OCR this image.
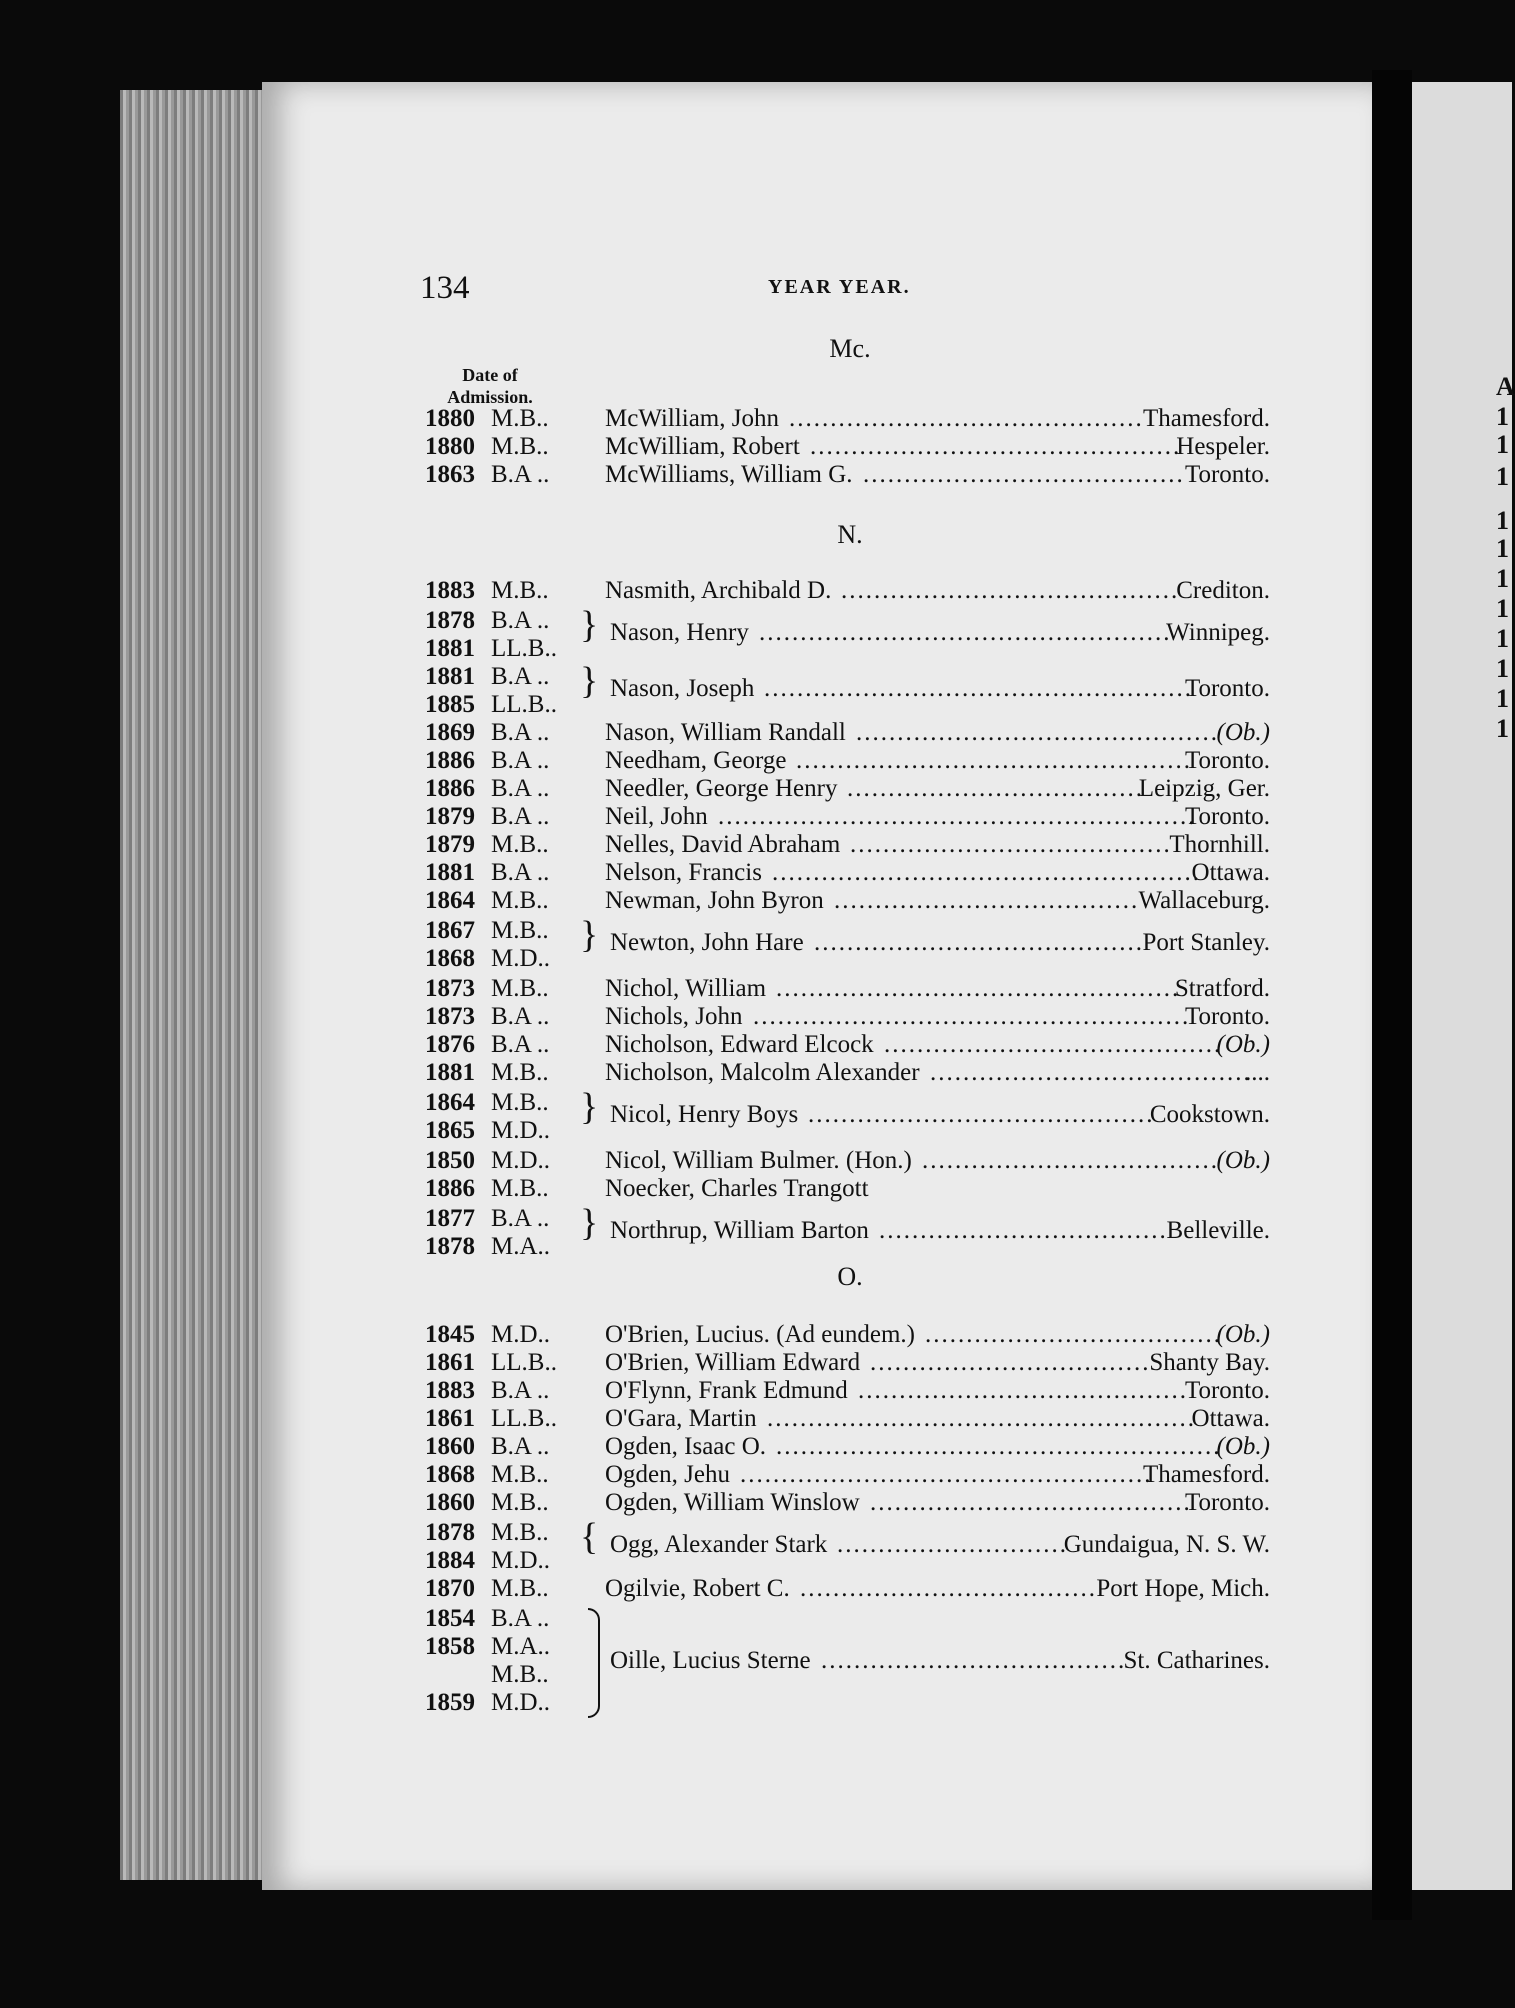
A
1
1
1
1
1
1
1
1
1
1
1
134	YEAR YEAR.
Date of
Admission.
Mc.
N.
O.
1880 M.B.. McWilliam, John	Thamesford.
...........................................
1880 M.B.. McWilliam, Robert	Hespeler.
.............................................
1863 B.A .. McWilliams, William G.	Toronto.
.......................................
1883 M.B.. Nasmith, Archibald D.	Crediton.
.........................................
1878 B.A ..
1881 LL.B..
} Nason, Henry	Winnipeg.
..................................................
1881 B.A ..
1885 LL.B..
} Nason, Joseph	Toronto.
....................................................
1869 B.A .. Nason, William Randall	(Ob.)
............................................
1886 B.A .. Needham, George	Toronto.
................................................
1886 B.A .. Needler, George Henry	Leipzig, Ger.
....................................
1879 B.A .. Neil, John	Toronto.
..........................................................
1879 M.B.. Nelles, David Abraham	Thornhill.
.......................................
1881 B.A .. Nelson, Francis	Ottawa.
....................................................
1864 M.B.. Newman, John Byron	Wallaceburg.
.....................................
1867 M.B..
1868 M.D..
} Newton, John Hare	Port Stanley.
........................................
1873 M.B.. Nichol, William	Stratford.
.................................................
1873 B.A .. Nichols, John	Toronto.
.....................................................
1876 B.A .. Nicholson, Edward Elcock	(Ob.)
.........................................
1881 M.B.. Nicholson, Malcolm Alexander	....
.......................................
1864 M.B..
1865 M.D..
} Nicol, Henry Boys	Cookstown.
..........................................
1850 M.D.. Nicol, William Bulmer. (Hon.)	(Ob.)
....................................
1886 M.B.. Noecker, Charles Trangott
1877 B.A ..
1878 M.A..
} Northrup, William Barton	Belleville.
...................................
1845 M.D.. O'Brien, Lucius. (Ad eundem.)	(Ob.)
....................................
1861 LL.B.. O'Brien, William Edward	Shanty Bay.
..................................
1883 B.A .. O'Flynn, Frank Edmund	Toronto.
........................................
1861 LL.B.. O'Gara, Martin	Ottawa.
....................................................
1860 B.A .. Ogden, Isaac O.	(Ob.)
......................................................
1868 M.B.. Ogden, Jehu	Thamesford.
..................................................
1860 M.B.. Ogden, William Winslow	Toronto.
.......................................
1878 M.B..
1884 M.D..
{ Ogg, Alexander Stark	Gundaigua, N. S. W.
............................
1870 M.B.. Ogilvie, Robert C.	Port Hope, Mich.
....................................
1854 B.A ..
1858 M.A..
M.B..
1859 M.D..
Oille, Lucius Sterne	St. Catharines.
.....................................
